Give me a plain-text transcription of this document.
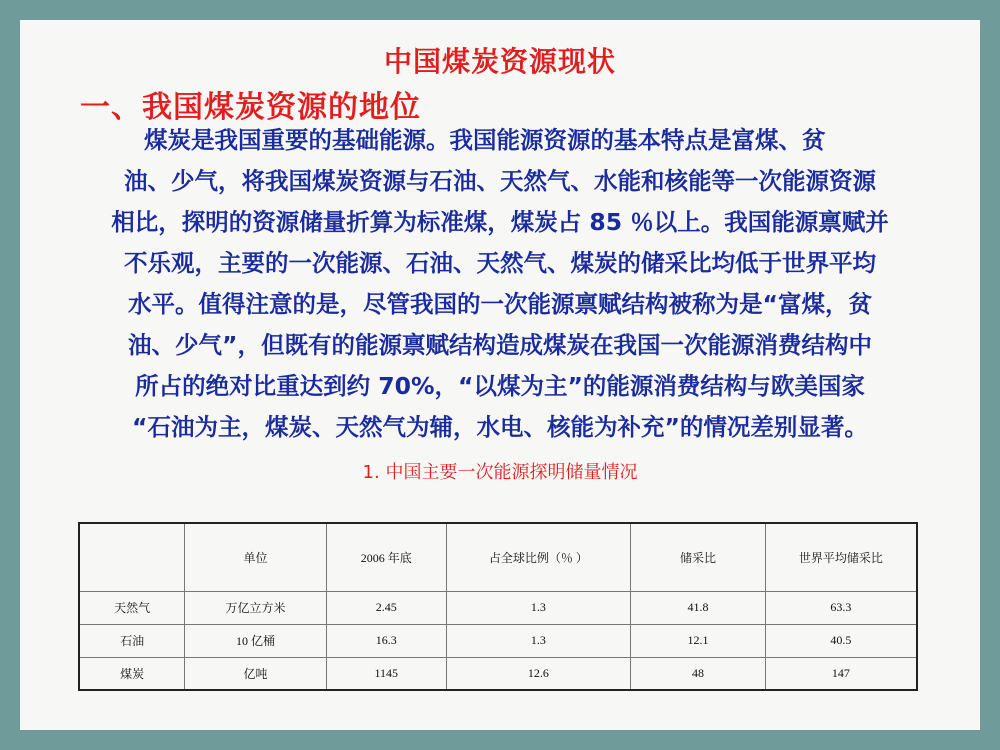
中国煤炭资源现状
一、我国煤炭资源的地位
煤炭是我国重要的基础能源。我国能源资源的基本特点是富煤、贫
油、少气，将我国煤炭资源与石油、天然气、水能和核能等一次能源资源
相比，探明的资源储量折算为标准煤，煤炭占 85 ％以上。我国能源禀赋并
不乐观，主要的一次能源、石油、天然气、煤炭的储采比均低于世界平均
水平。值得注意的是，尽管我国的一次能源禀赋结构被称为是“富煤，贫
油、少气”，但既有的能源禀赋结构造成煤炭在我国一次能源消费结构中
所占的绝对比重达到约 70%，“以煤为主”的能源消费结构与欧美国家
“石油为主，煤炭、天然气为辅，水电、核能为补充”的情况差别显著。
1. 中国主要一次能源探明储量情况
	单位	2006 年底	占全球比例（％ ）	储采比	世界平均储采比
天然气	万亿立方米	2.45	1.3	41.8	63.3
石油	10 亿桶	16.3	1.3	12.1	40.5
煤炭	亿吨	1145	12.6	48	147
